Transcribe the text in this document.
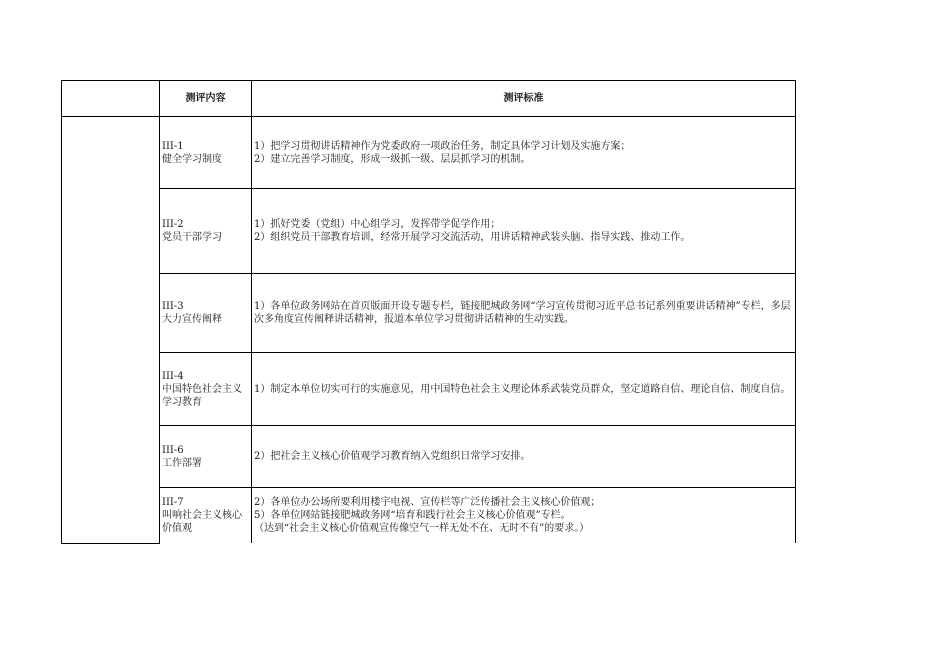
	测评内容	测评标准

	III-1
健全学习制度	1）把学习贯彻讲话精神作为党委政府一项政治任务，制定具体学习计划及实施方案；
2）建立完善学习制度，形成一级抓一级、层层抓学习的机制。

	III-2
党员干部学习	1）抓好党委（党组）中心组学习，发挥带学促学作用；
2）组织党员干部教育培训，经常开展学习交流活动，用讲话精神武装头脑、指导实践、推动工作。

	III-3
大力宣传阐释	1）各单位政务网站在首页版面开设专题专栏，链接肥城政务网“学习宣传贯彻习近平总书记系列重要讲话精神”专栏，多层次多角度宣传阐释讲话精神，报道本单位学习贯彻讲话精神的生动实践。

	III-4
中国特色社会主义学习教育	1）制定本单位切实可行的实施意见，用中国特色社会主义理论体系武装党员群众，坚定道路自信、理论自信、制度自信。

	III-6
工作部署	2）把社会主义核心价值观学习教育纳入党组织日常学习安排。

	III-7
叫响社会主义核心价值观	2）各单位办公场所要利用楼宇电视、宣传栏等广泛传播社会主义核心价值观；
5）各单位网站链接肥城政务网“培育和践行社会主义核心价值观”专栏。
（达到“社会主义核心价值观宣传像空气一样无处不在、无时不有”的要求。）
